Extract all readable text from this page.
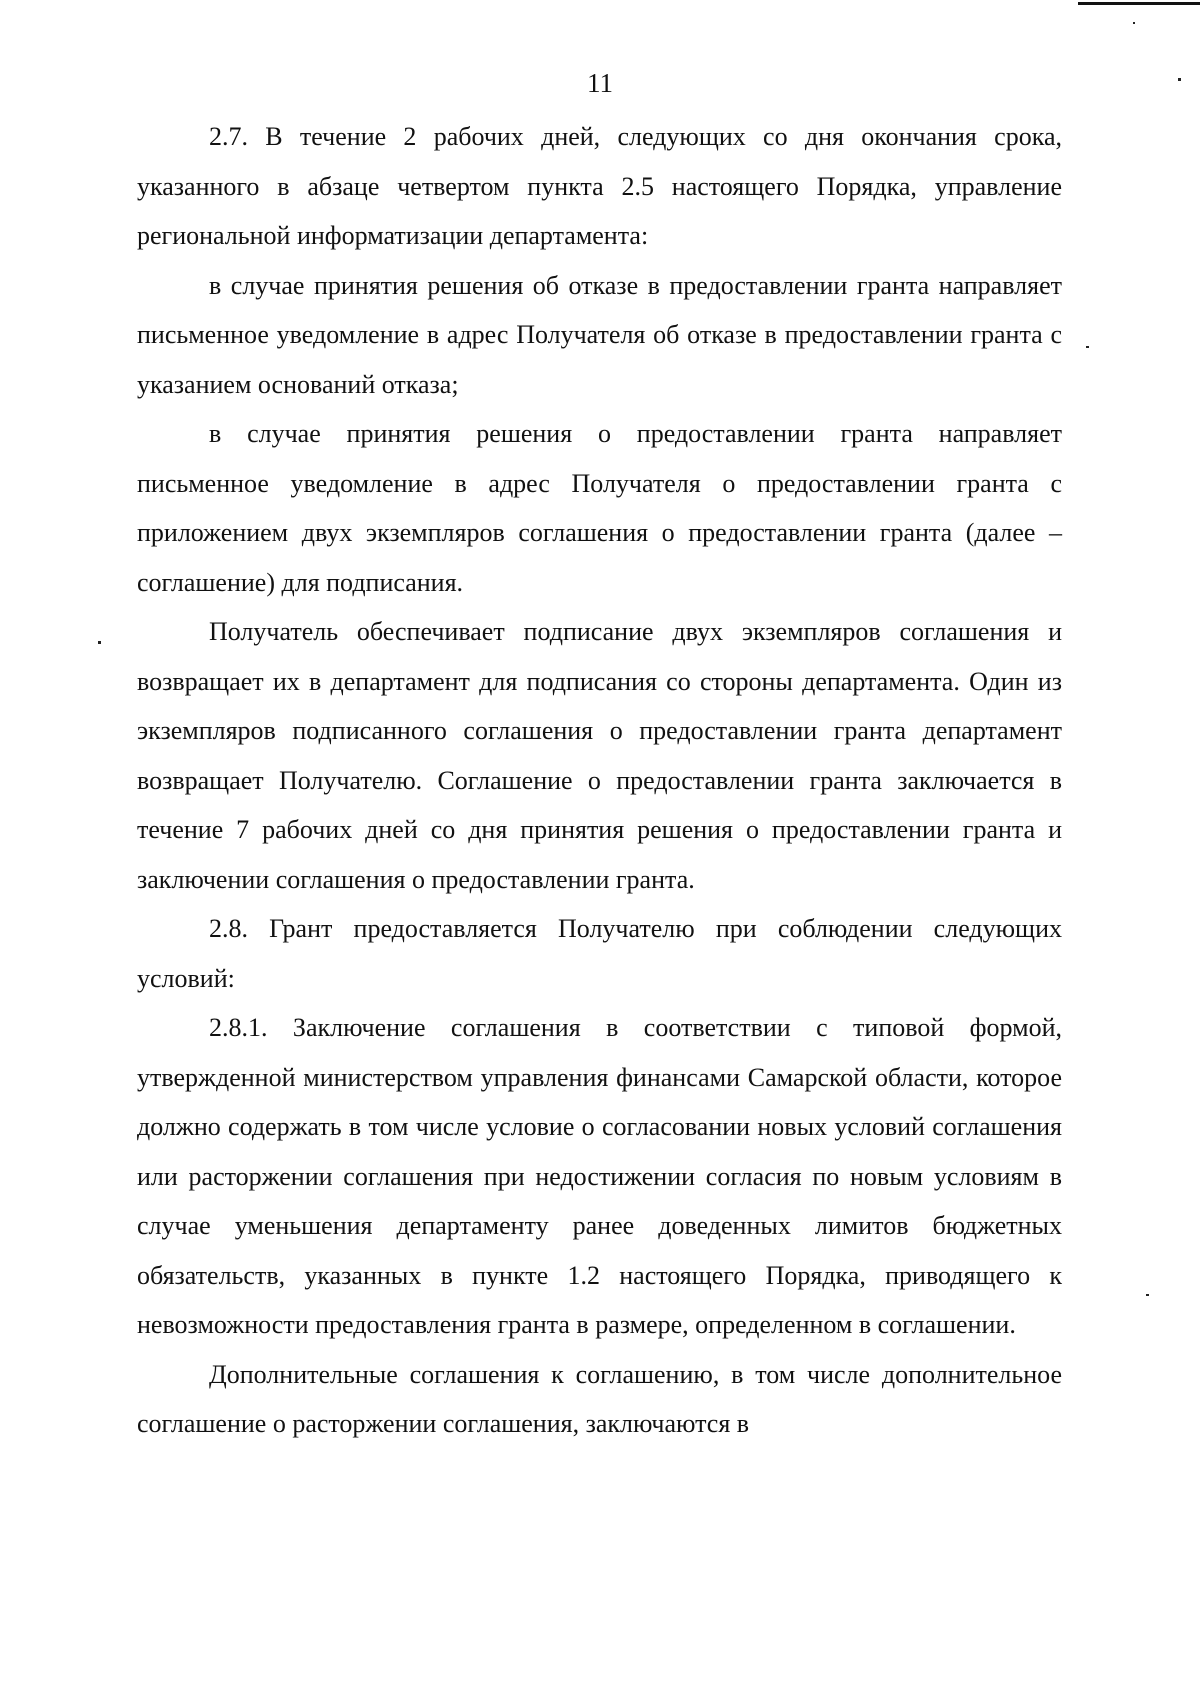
11

2.7. В течение 2 рабочих дней, следующих со дня окончания срока, указанного в абзаце четвертом пункта 2.5 настоящего Порядка, управление региональной информатизации департамента:

в случае принятия решения об отказе в предоставлении гранта направляет письменное уведомление в адрес Получателя об отказе в предоставлении гранта с указанием оснований отказа;

в случае принятия решения о предоставлении гранта направляет письменное уведомление в адрес Получателя о предоставлении гранта с приложением двух экземпляров соглашения о предоставлении гранта (далее – соглашение) для подписания.

Получатель обеспечивает подписание двух экземпляров соглашения и возвращает их в департамент для подписания со стороны департамента. Один из экземпляров подписанного соглашения о предоставлении гранта департамент возвращает Получателю. Соглашение о предоставлении гранта заключается в течение 7 рабочих дней со дня принятия решения о предоставлении гранта и заключении соглашения о предоставлении гранта.

2.8. Грант предоставляется Получателю при соблюдении следующих условий:

2.8.1. Заключение соглашения в соответствии с типовой формой, утвержденной министерством управления финансами Самарской области, которое должно содержать в том числе условие о согласовании новых условий соглашения или расторжении соглашения при недостижении согласия по новым условиям в случае уменьшения департаменту ранее доведенных лимитов бюджетных обязательств, указанных в пункте 1.2 настоящего Порядка, приводящего к невозможности предоставления гранта в размере, определенном в соглашении.

Дополнительные соглашения к соглашению, в том числе дополнительное соглашение о расторжении соглашения, заключаются в
